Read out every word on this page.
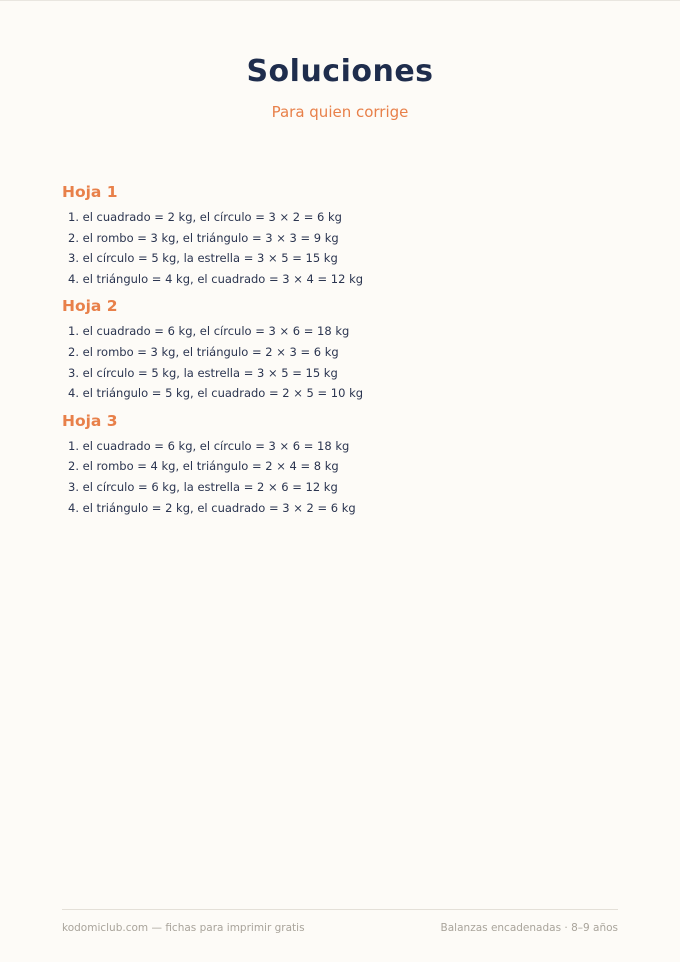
Soluciones
Para quien corrige
Hoja 1
1. el cuadrado = 2 kg, el círculo = 3 × 2 = 6 kg
2. el rombo = 3 kg, el triángulo = 3 × 3 = 9 kg
3. el círculo = 5 kg, la estrella = 3 × 5 = 15 kg
4. el triángulo = 4 kg, el cuadrado = 3 × 4 = 12 kg
Hoja 2
1. el cuadrado = 6 kg, el círculo = 3 × 6 = 18 kg
2. el rombo = 3 kg, el triángulo = 2 × 3 = 6 kg
3. el círculo = 5 kg, la estrella = 3 × 5 = 15 kg
4. el triángulo = 5 kg, el cuadrado = 2 × 5 = 10 kg
Hoja 3
1. el cuadrado = 6 kg, el círculo = 3 × 6 = 18 kg
2. el rombo = 4 kg, el triángulo = 2 × 4 = 8 kg
3. el círculo = 6 kg, la estrella = 2 × 6 = 12 kg
4. el triángulo = 2 kg, el cuadrado = 3 × 2 = 6 kg
kodomiclub.com — fichas para imprimir gratis	Balanzas encadenadas · 8–9 años
